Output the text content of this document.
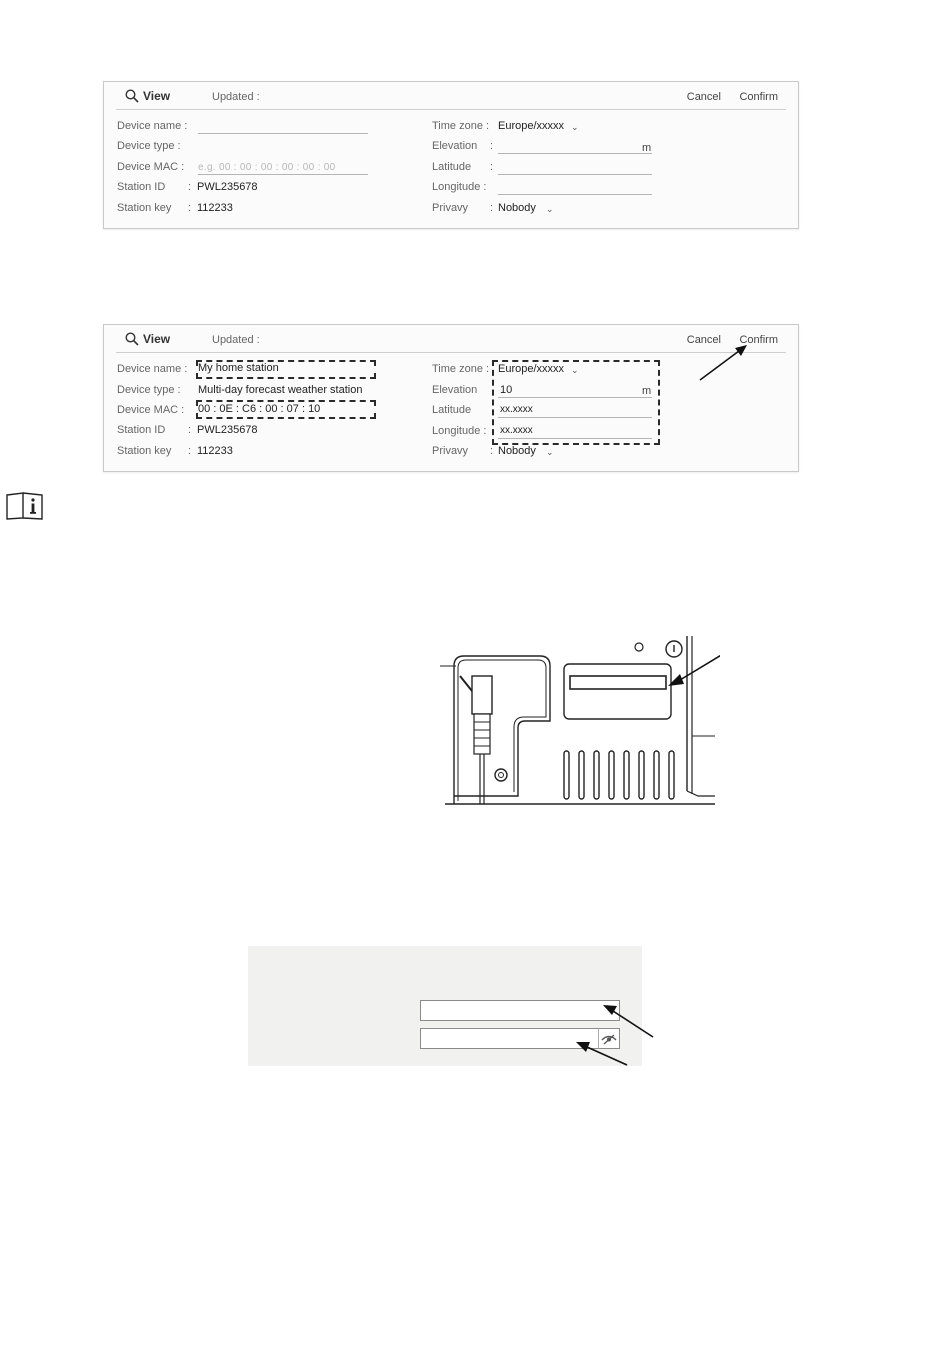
View	Updated :	Cancel Confirm
Device name :
Device type :
Device MAC : e.g. 00 : 00 : 00 : 00 : 00 : 00
Station ID : PWL235678
Station key : 112233
Time zone : Europe/xxxxx ⌄
Elevation :	m
Latitude :
Longitude :
Privavy : Nobody ⌄
View	Updated :	Cancel Confirm
Device name : My home station
Device type : Multi-day forecast weather station
Device MAC : 00 : 0E : C6 : 00 : 07 : 10
Station ID : PWL235678
Station key : 112233
Time zone : Europe/xxxxx ⌄
Elevation 10	m
Latitude	xx.xxxx
Longitude : xx.xxxx
Privavy : Nobody ⌄
